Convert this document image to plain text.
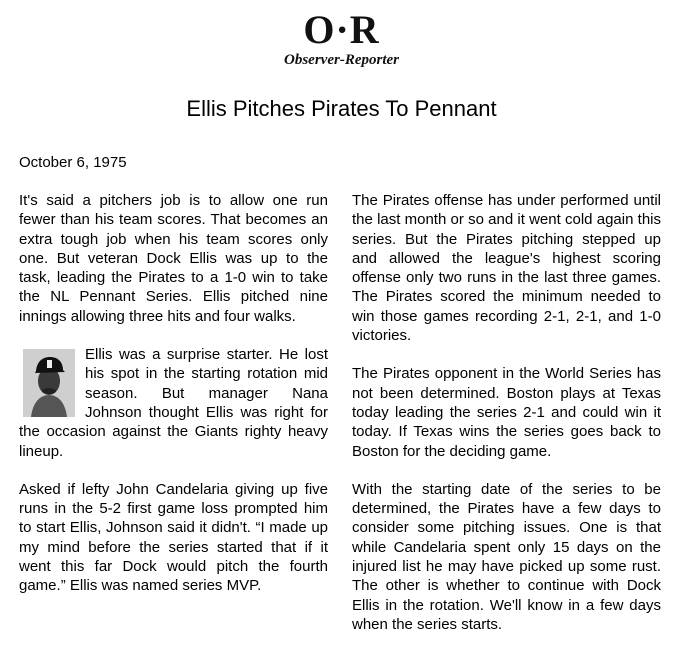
O·R
Observer-Reporter
Ellis Pitches Pirates To Pennant
October 6, 1975

It's said a pitchers job is to allow one run fewer than his team scores. That becomes an extra tough job when his team scores only one. But veteran Dock Ellis was up to the task, leading the Pirates to a 1-0 win to take the NL Pennant Series. Ellis pitched nine innings allowing three hits and four walks.

Ellis was a surprise starter. He lost his spot in the starting rotation mid season. But manager Nana Johnson thought Ellis was right for the occasion against the Giants righty heavy lineup.

Asked if lefty John Candelaria giving up five runs in the 5-2 first game loss prompted him to start Ellis, Johnson said it didn't. “I made up my mind before the series started that if it went this far Dock would pitch the fourth game.” Ellis was named series MVP.

The Pirates offense has under performed until the last month or so and it went cold again this series. But the Pirates pitching stepped up and allowed the league's highest scoring offense only two runs in the last three games. The Pirates scored the minimum needed to win those games recording 2-1, 2-1, and 1-0 victories.

The Pirates opponent in the World Series has not been determined. Boston plays at Texas today leading the series 2-1 and could win it today. If Texas wins the series goes back to Boston for the deciding game.

With the starting date of the series to be determined, the Pirates have a few days to consider some pitching issues. One is that while Candelaria spent only 15 days on the injured list he may have picked up some rust. The other is whether to continue with Dock Ellis in the rotation. We'll know in a few days when the series starts.
